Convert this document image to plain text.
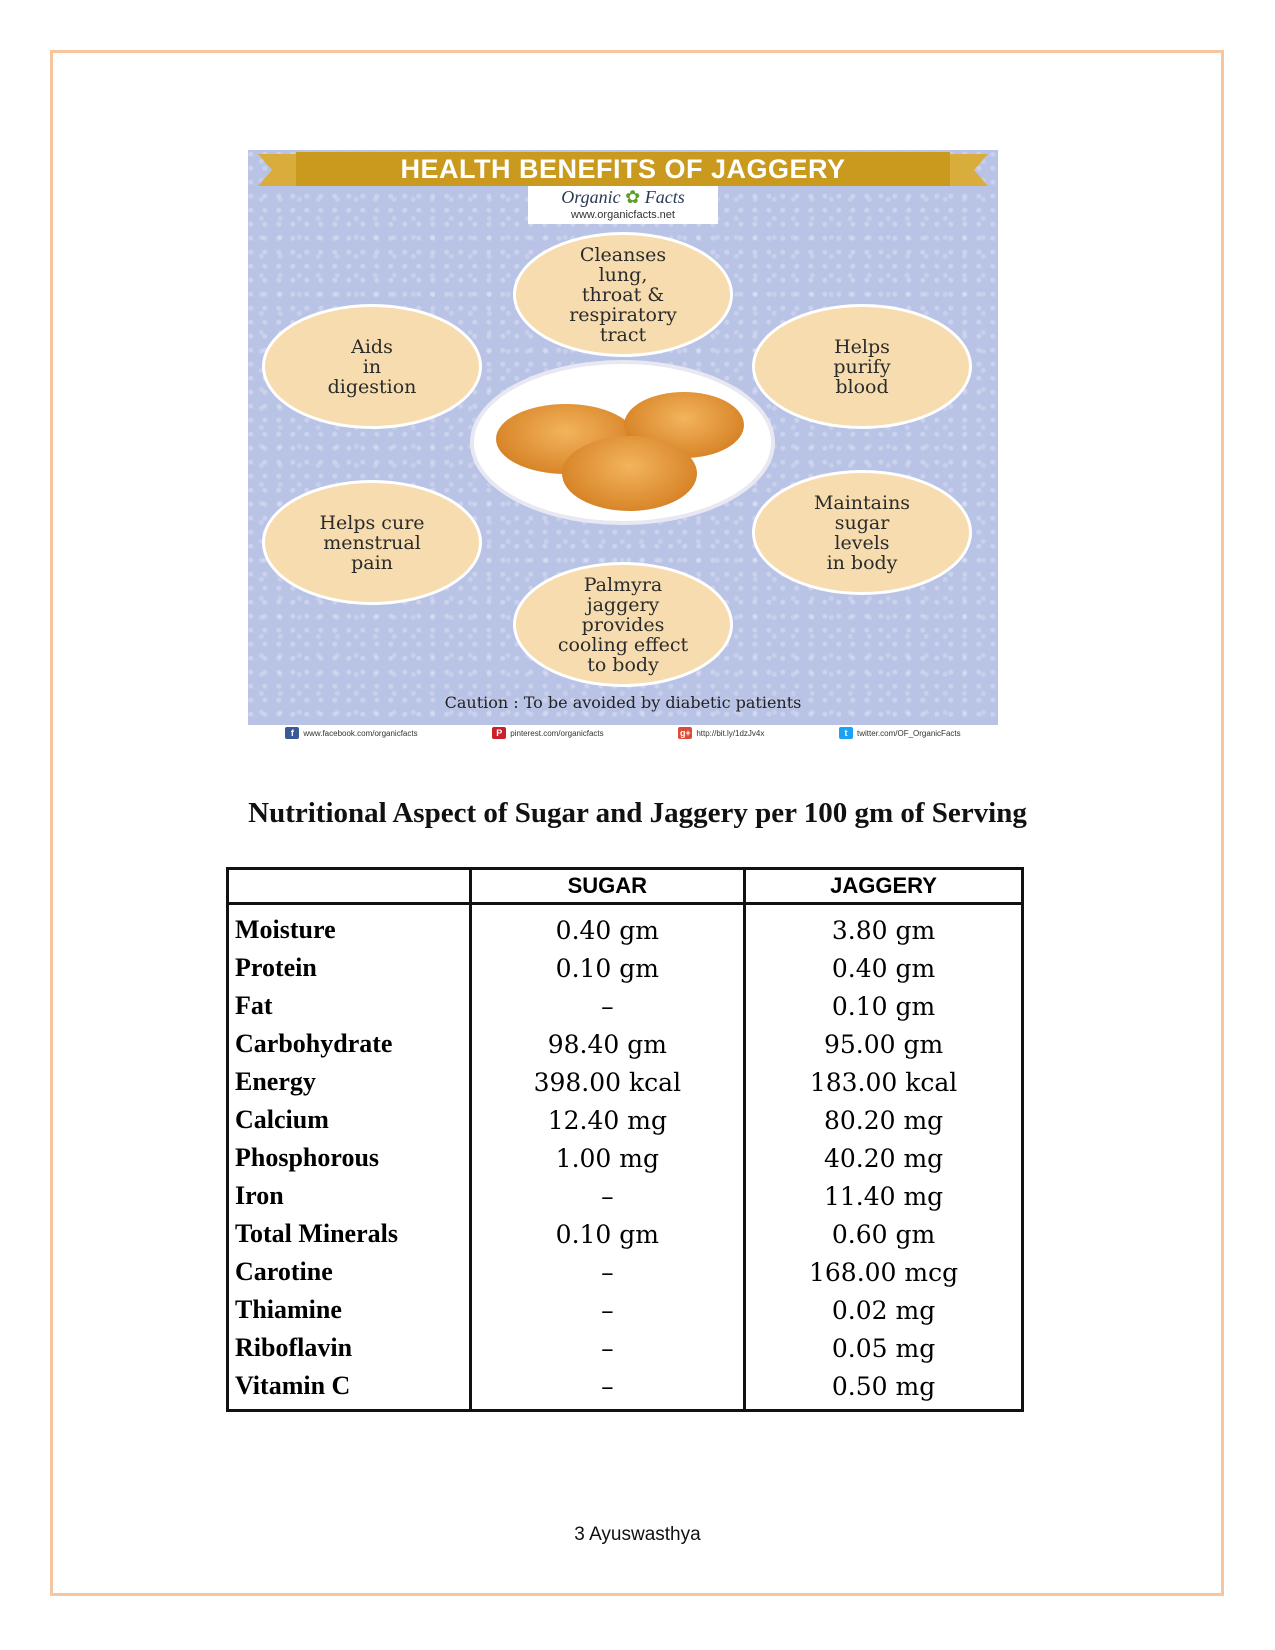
HEALTH BENEFITS OF JAGGERY
Organic ✿ Facts
www.organicfacts.net
Cleanses
lung,
throat &
respiratory
tract
Aids
in
digestion
Helps
purify
blood
Helps cure
menstrual
pain
Maintains
sugar
levels
in body
Palmyra
jaggery
provides
cooling effect
to body
Caution : To be avoided by diabetic patients
f	www.facebook.com/organicfacts	P	pinterest.com/organicfacts	g+ http://bit.ly/1dzJv4x	t	twitter.com/OF_OrganicFacts
Nutritional Aspect of Sugar and Jaggery per 100 gm of Serving
	SUGAR	JAGGERY
Moisture	0.40 gm	3.80 gm
Protein	0.10 gm	0.40 gm
Fat	–	0.10 gm
Carbohydrate	98.40 gm	95.00 gm
Energy	398.00 kcal	183.00 kcal
Calcium	12.40 mg	80.20 mg
Phosphorous	1.00 mg	40.20 mg
Iron	–	11.40 mg
Total Minerals	0.10 gm	0.60 gm
Carotine	–	168.00 mcg
Thiamine	–	0.02 mg
Riboflavin	–	0.05 mg
Vitamin C	–	0.50 mg
3 Ayuswasthya
